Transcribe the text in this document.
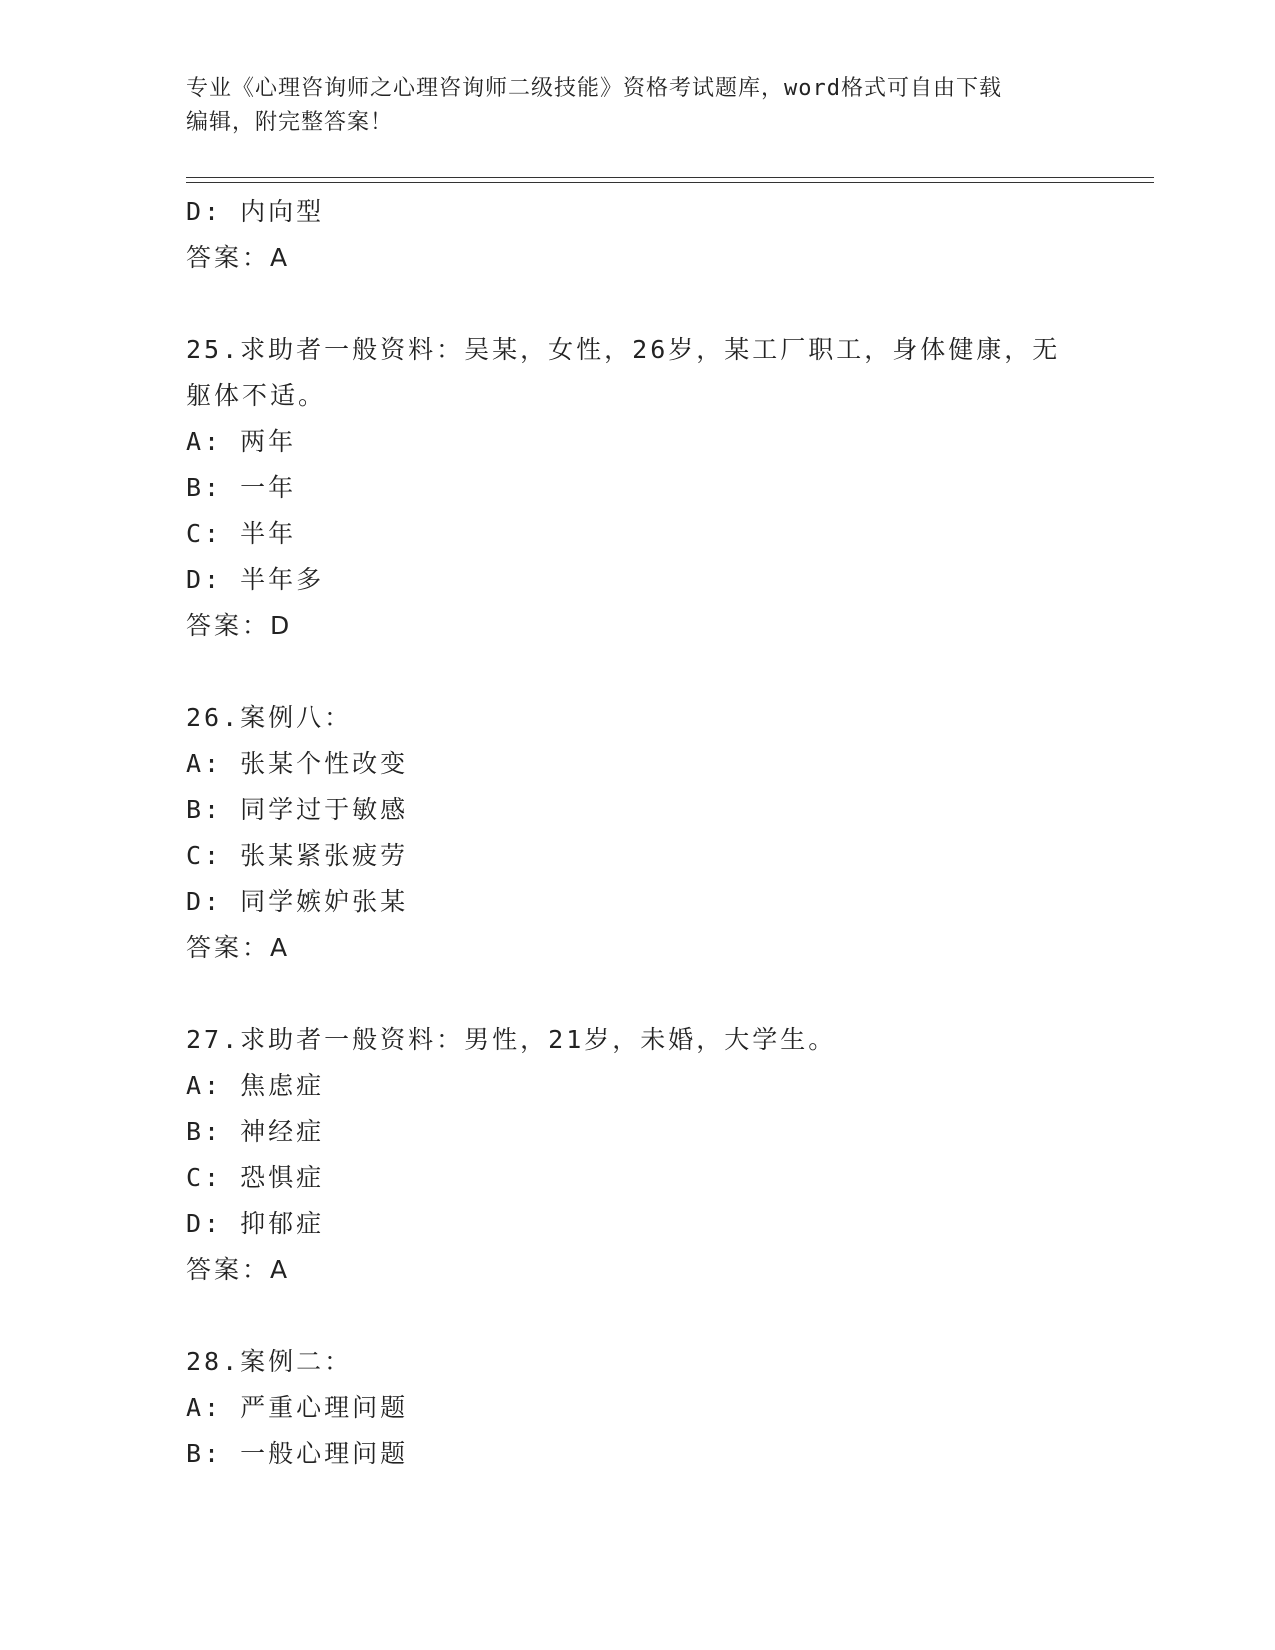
专业《心理咨询师之心理咨询师二级技能》资格考试题库，word格式可自由下载
编辑，附完整答案！
D: 内向型
答案：A
25.求助者一般资料：吴某，女性，26岁，某工厂职工，身体健康，无
躯体不适。
A: 两年
B: 一年
C: 半年
D: 半年多
答案：D
26.案例八：
A: 张某个性改变
B: 同学过于敏感
C: 张某紧张疲劳
D: 同学嫉妒张某
答案：A
27.求助者一般资料：男性，21岁，未婚，大学生。
A: 焦虑症
B: 神经症
C: 恐惧症
D: 抑郁症
答案：A
28.案例二：
A: 严重心理问题
B: 一般心理问题
